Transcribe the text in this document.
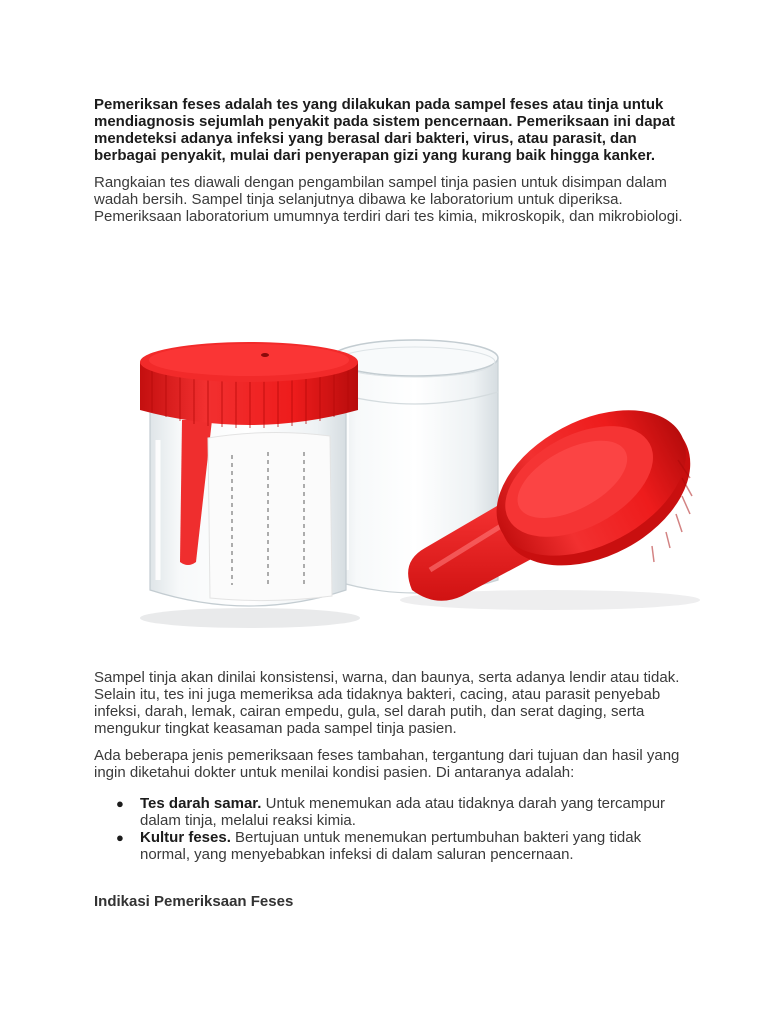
Pemeriksan feses adalah tes yang dilakukan pada sampel feses atau tinja untuk mendiagnosis sejumlah penyakit pada sistem pencernaan. Pemeriksaan ini dapat mendeteksi adanya infeksi yang berasal dari bakteri, virus, atau parasit, dan berbagai penyakit, mulai dari penyerapan gizi yang kurang baik hingga kanker.

Rangkaian tes diawali dengan pengambilan sampel tinja pasien untuk disimpan dalam wadah bersih. Sampel tinja selanjutnya dibawa ke laboratorium untuk diperiksa. Pemeriksaan laboratorium umumnya terdiri dari tes kimia, mikroskopik, dan mikrobiologi.

Sampel tinja akan dinilai konsistensi, warna, dan baunya, serta adanya lendir atau tidak. Selain itu, tes ini juga memeriksa ada tidaknya bakteri, cacing, atau parasit penyebab infeksi, darah, lemak, cairan empedu, gula, sel darah putih, dan serat daging, serta mengukur tingkat keasaman pada sampel tinja pasien.

Ada beberapa jenis pemeriksaan feses tambahan, tergantung dari tujuan dan hasil yang ingin diketahui dokter untuk menilai kondisi pasien. Di antaranya adalah:

● Tes darah samar. Untuk menemukan ada atau tidaknya darah yang tercampur dalam tinja, melalui reaksi kimia.
● Kultur feses. Bertujuan untuk menemukan pertumbuhan bakteri yang tidak normal, yang menyebabkan infeksi di dalam saluran pencernaan.
Indikasi Pemeriksaan Feses
